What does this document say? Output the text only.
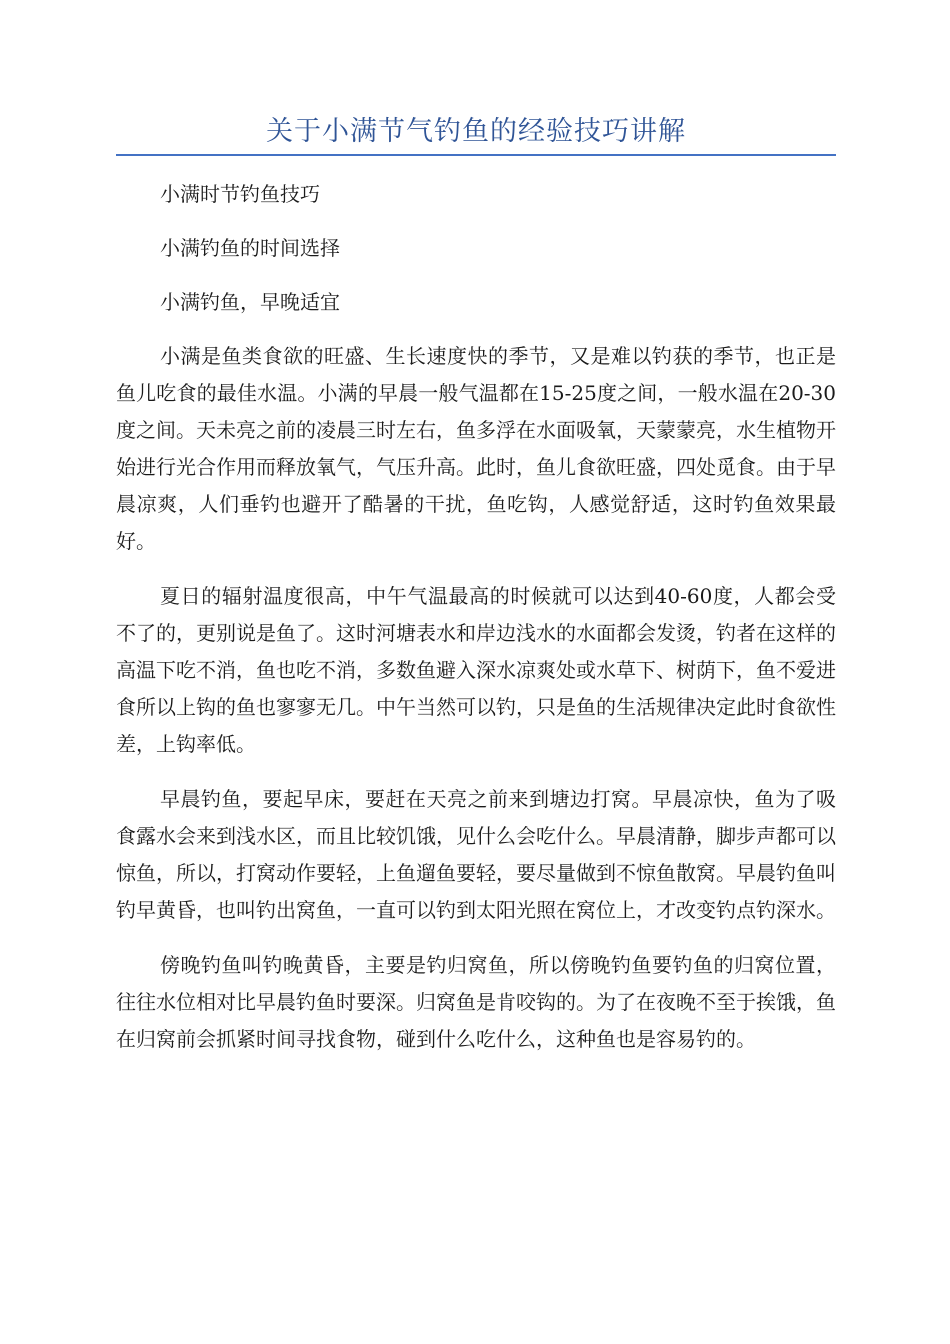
关于小满节气钓鱼的经验技巧讲解

小满时节钓鱼技巧

小满钓鱼的时间选择

小满钓鱼，早晚适宜

小满是鱼类食欲的旺盛、生长速度快的季节，又是难以钓获的季节，也正是鱼儿吃食的最佳水温。小满的早晨一般气温都在15-25度之间，一般水温在20-30度之间。天未亮之前的凌晨三时左右，鱼多浮在水面吸氧，天蒙蒙亮，水生植物开始进行光合作用而释放氧气，气压升高。此时，鱼儿食欲旺盛，四处觅食。由于早晨凉爽，人们垂钓也避开了酷暑的干扰，鱼吃钩，人感觉舒适，这时钓鱼效果最好。

夏日的辐射温度很高，中午气温最高的时候就可以达到40-60度，人都会受不了的，更别说是鱼了。这时河塘表水和岸边浅水的水面都会发烫，钓者在这样的高温下吃不消，鱼也吃不消，多数鱼避入深水凉爽处或水草下、树荫下，鱼不爱进食所以上钩的鱼也寥寥无几。中午当然可以钓，只是鱼的生活规律决定此时食欲性差，上钩率低。

早晨钓鱼，要起早床，要赶在天亮之前来到塘边打窝。早晨凉快，鱼为了吸食露水会来到浅水区，而且比较饥饿，见什么会吃什么。早晨清静，脚步声都可以惊鱼，所以，打窝动作要轻，上鱼遛鱼要轻，要尽量做到不惊鱼散窝。早晨钓鱼叫钓早黄昏，也叫钓出窝鱼，一直可以钓到太阳光照在窝位上，才改变钓点钓深水。

傍晚钓鱼叫钓晚黄昏，主要是钓归窝鱼，所以傍晚钓鱼要钓鱼的归窝位置，往往水位相对比早晨钓鱼时要深。归窝鱼是肯咬钩的。为了在夜晚不至于挨饿，鱼在归窝前会抓紧时间寻找食物，碰到什么吃什么，这种鱼也是容易钓的。
